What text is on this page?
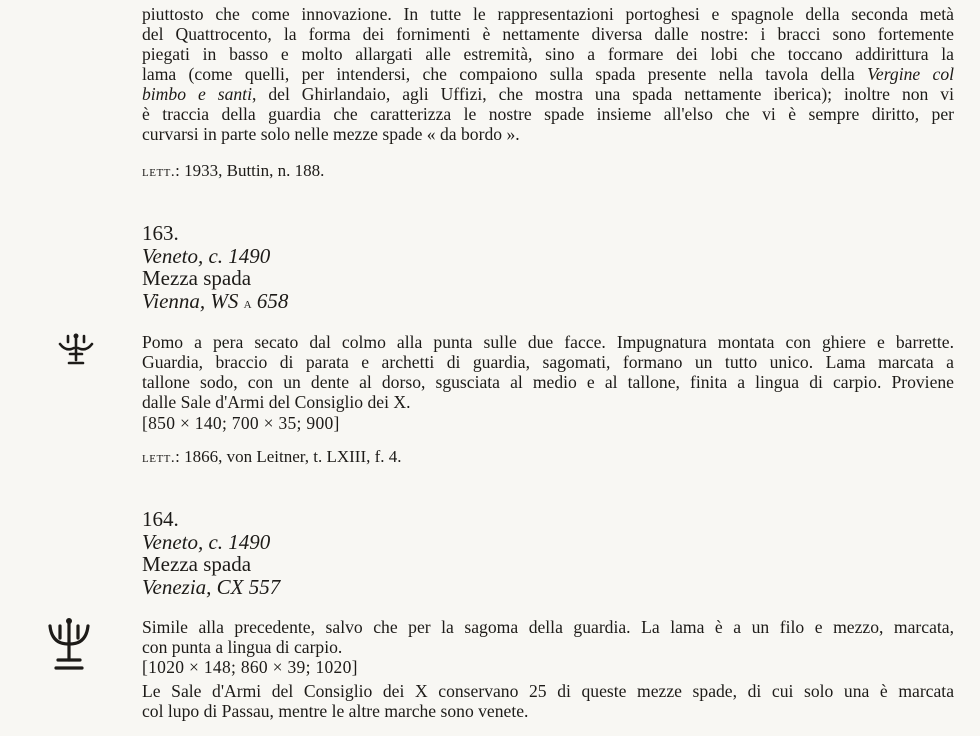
piuttosto che come innovazione. In tutte le rappresentazioni portoghesi e spagnole della seconda metà
del Quattrocento, la forma dei fornimenti è nettamente diversa dalle nostre: i bracci sono fortemente
piegati in basso e molto allargati alle estremità, sino a formare dei lobi che toccano addirittura la
lama (come quelli, per intendersi, che compaiono sulla spada presente nella tavola della Vergine col
bimbo e santi, del Ghirlandaio, agli Uffizi, che mostra una spada nettamente iberica); inoltre non vi
è traccia della guardia che caratterizza le nostre spade insieme all'elso che vi è sempre diritto, per
curvarsi in parte solo nelle mezze spade « da bordo ».
lett.: 1933, Buttin, n. 188.
163.
Veneto, c. 1490
Mezza spada
Vienna, WS a 658
Pomo a pera secato dal colmo alla punta sulle due facce. Impugnatura montata con ghiere e barrette.
Guardia, braccio di parata e archetti di guardia, sagomati, formano un tutto unico. Lama marcata a
tallone sodo, con un dente al dorso, sgusciata al medio e al tallone, finita a lingua di carpio. Proviene
dalle Sale d'Armi del Consiglio dei X.
[850 × 140; 700 × 35; 900]
lett.: 1866, von Leitner, t. LXIII, f. 4.
164.
Veneto, c. 1490
Mezza spada
Venezia, CX 557
Simile alla precedente, salvo che per la sagoma della guardia. La lama è a un filo e mezzo, marcata,
con punta a lingua di carpio.
[1020 × 148; 860 × 39; 1020]
Le Sale d'Armi del Consiglio dei X conservano 25 di queste mezze spade, di cui solo una è marcata
col lupo di Passau, mentre le altre marche sono venete.
